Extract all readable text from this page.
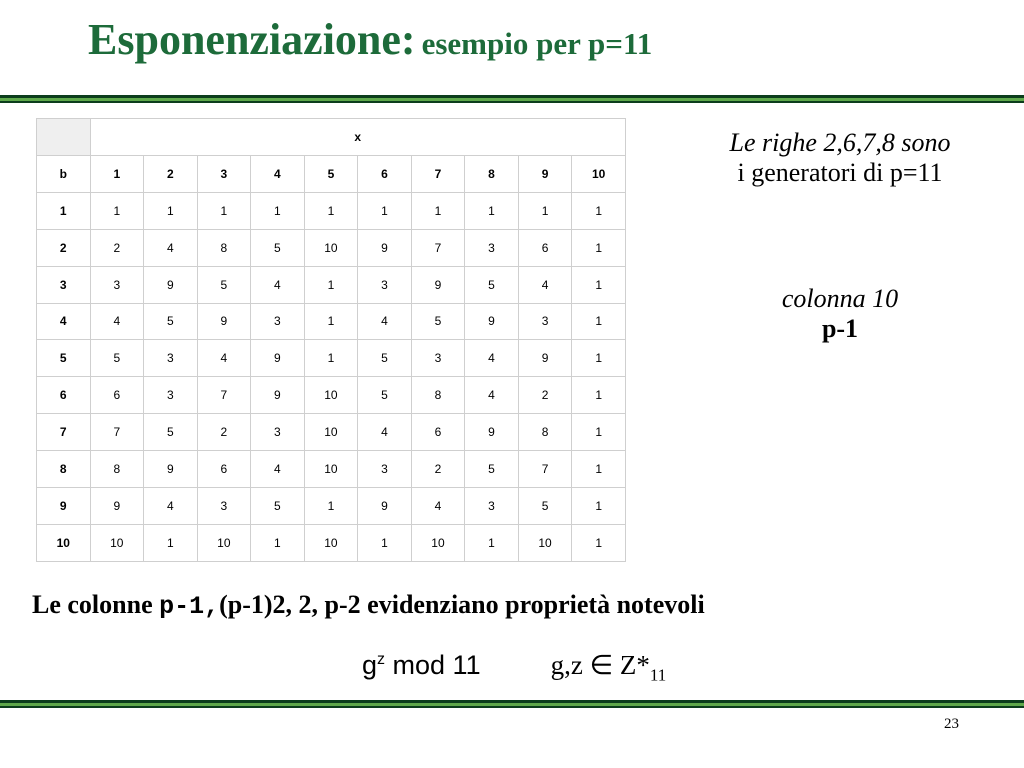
Esponenziazione: esempio per p=11
	x									
b	1	2	3	4	5	6	7	8	9	10
1	1	1	1	1	1	1	1	1	1	1
2	2	4	8	5	10	9	7	3	6	1
3	3	9	5	4	1	3	9	5	4	1
4	4	5	9	3	1	4	5	9	3	1
5	5	3	4	9	1	5	3	4	9	1
6	6	3	7	9	10	5	8	4	2	1
7	7	5	2	3	10	4	6	9	8	1
8	8	9	6	4	10	3	2	5	7	1
9	9	4	3	5	1	9	4	3	5	1
10	10	1	10	1	10	1	10	1	10	1
Le righe 2,6,7,8 sono
i generatori di p=11
colonna 10
p-1
Le colonne p-1,(p-1)2, 2, p-2 evidenziano proprietà notevoli
$g^z$ mod 11	g,z ∈ $Z*_{11}$
23
